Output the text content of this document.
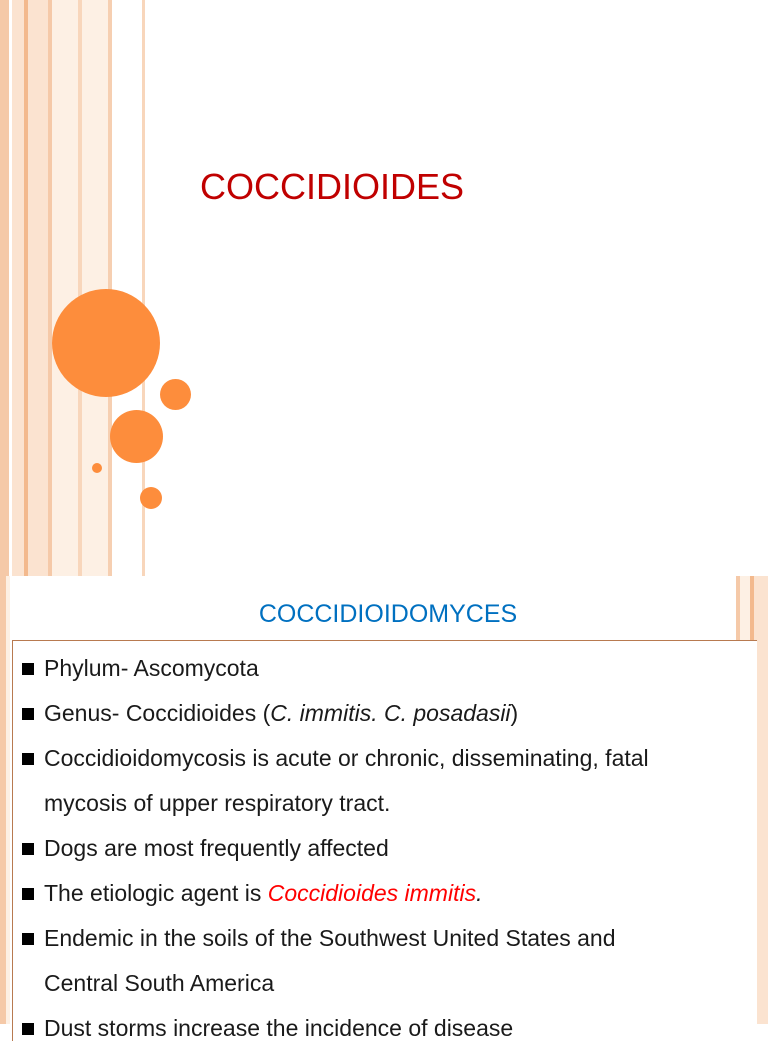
COCCIDIOIDES
COCCIDIOIDOMYCES
Phylum- Ascomycota
Genus- Coccidioides (C. immitis. C. posadasii)
Coccidioidomycosis is acute or chronic, disseminating, fatal
mycosis of upper respiratory tract.
Dogs are most frequently affected
The etiologic agent is Coccidioides immitis.
Endemic in the soils of the Southwest United States and
Central South America
Dust storms increase the incidence of disease
